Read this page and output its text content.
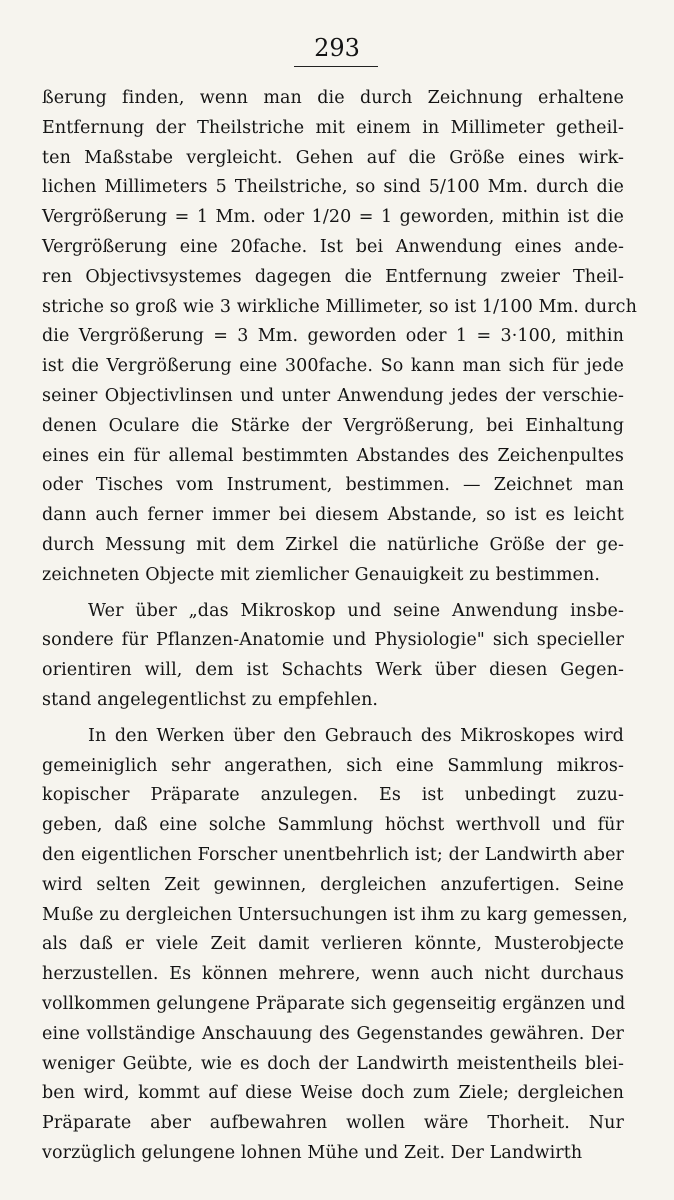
293
ßerung finden, wenn man die durch Zeichnung erhaltene
Entfernung der Theilstriche mit einem in Millimeter getheil-
ten Maßstabe vergleicht. Gehen auf die Größe eines wirk-
lichen Millimeters 5 Theilstriche, so sind 5/100 Mm. durch die
Vergrößerung = 1 Mm. oder 1/20 = 1 geworden, mithin ist die
Vergrößerung eine 20fache. Ist bei Anwendung eines ande-
ren Objectivsystemes dagegen die Entfernung zweier Theil-
striche so groß wie 3 wirkliche Millimeter, so ist 1/100 Mm. durch
die Vergrößerung = 3 Mm. geworden oder 1 = 3·100, mithin
ist die Vergrößerung eine 300fache. So kann man sich für jede
seiner Objectivlinsen und unter Anwendung jedes der verschie-
denen Oculare die Stärke der Vergrößerung, bei Einhaltung
eines ein für allemal bestimmten Abstandes des Zeichenpultes
oder Tisches vom Instrument, bestimmen. — Zeichnet man
dann auch ferner immer bei diesem Abstande, so ist es leicht
durch Messung mit dem Zirkel die natürliche Größe der ge-
zeichneten Objecte mit ziemlicher Genauigkeit zu bestimmen.
Wer über „das Mikroskop und seine Anwendung insbe-
sondere für Pflanzen-Anatomie und Physiologie" sich specieller
orientiren will, dem ist Schachts Werk über diesen Gegen-
stand angelegentlichst zu empfehlen.
In den Werken über den Gebrauch des Mikroskopes wird
gemeiniglich sehr angerathen, sich eine Sammlung mikros-
kopischer Präparate anzulegen. Es ist unbedingt zuzu-
geben, daß eine solche Sammlung höchst werthvoll und für
den eigentlichen Forscher unentbehrlich ist; der Landwirth aber
wird selten Zeit gewinnen, dergleichen anzufertigen. Seine
Muße zu dergleichen Untersuchungen ist ihm zu karg gemessen,
als daß er viele Zeit damit verlieren könnte, Musterobjecte
herzustellen. Es können mehrere, wenn auch nicht durchaus
vollkommen gelungene Präparate sich gegenseitig ergänzen und
eine vollständige Anschauung des Gegenstandes gewähren. Der
weniger Geübte, wie es doch der Landwirth meistentheils blei-
ben wird, kommt auf diese Weise doch zum Ziele; dergleichen
Präparate aber aufbewahren wollen wäre Thorheit. Nur
vorzüglich gelungene lohnen Mühe und Zeit. Der Landwirth
